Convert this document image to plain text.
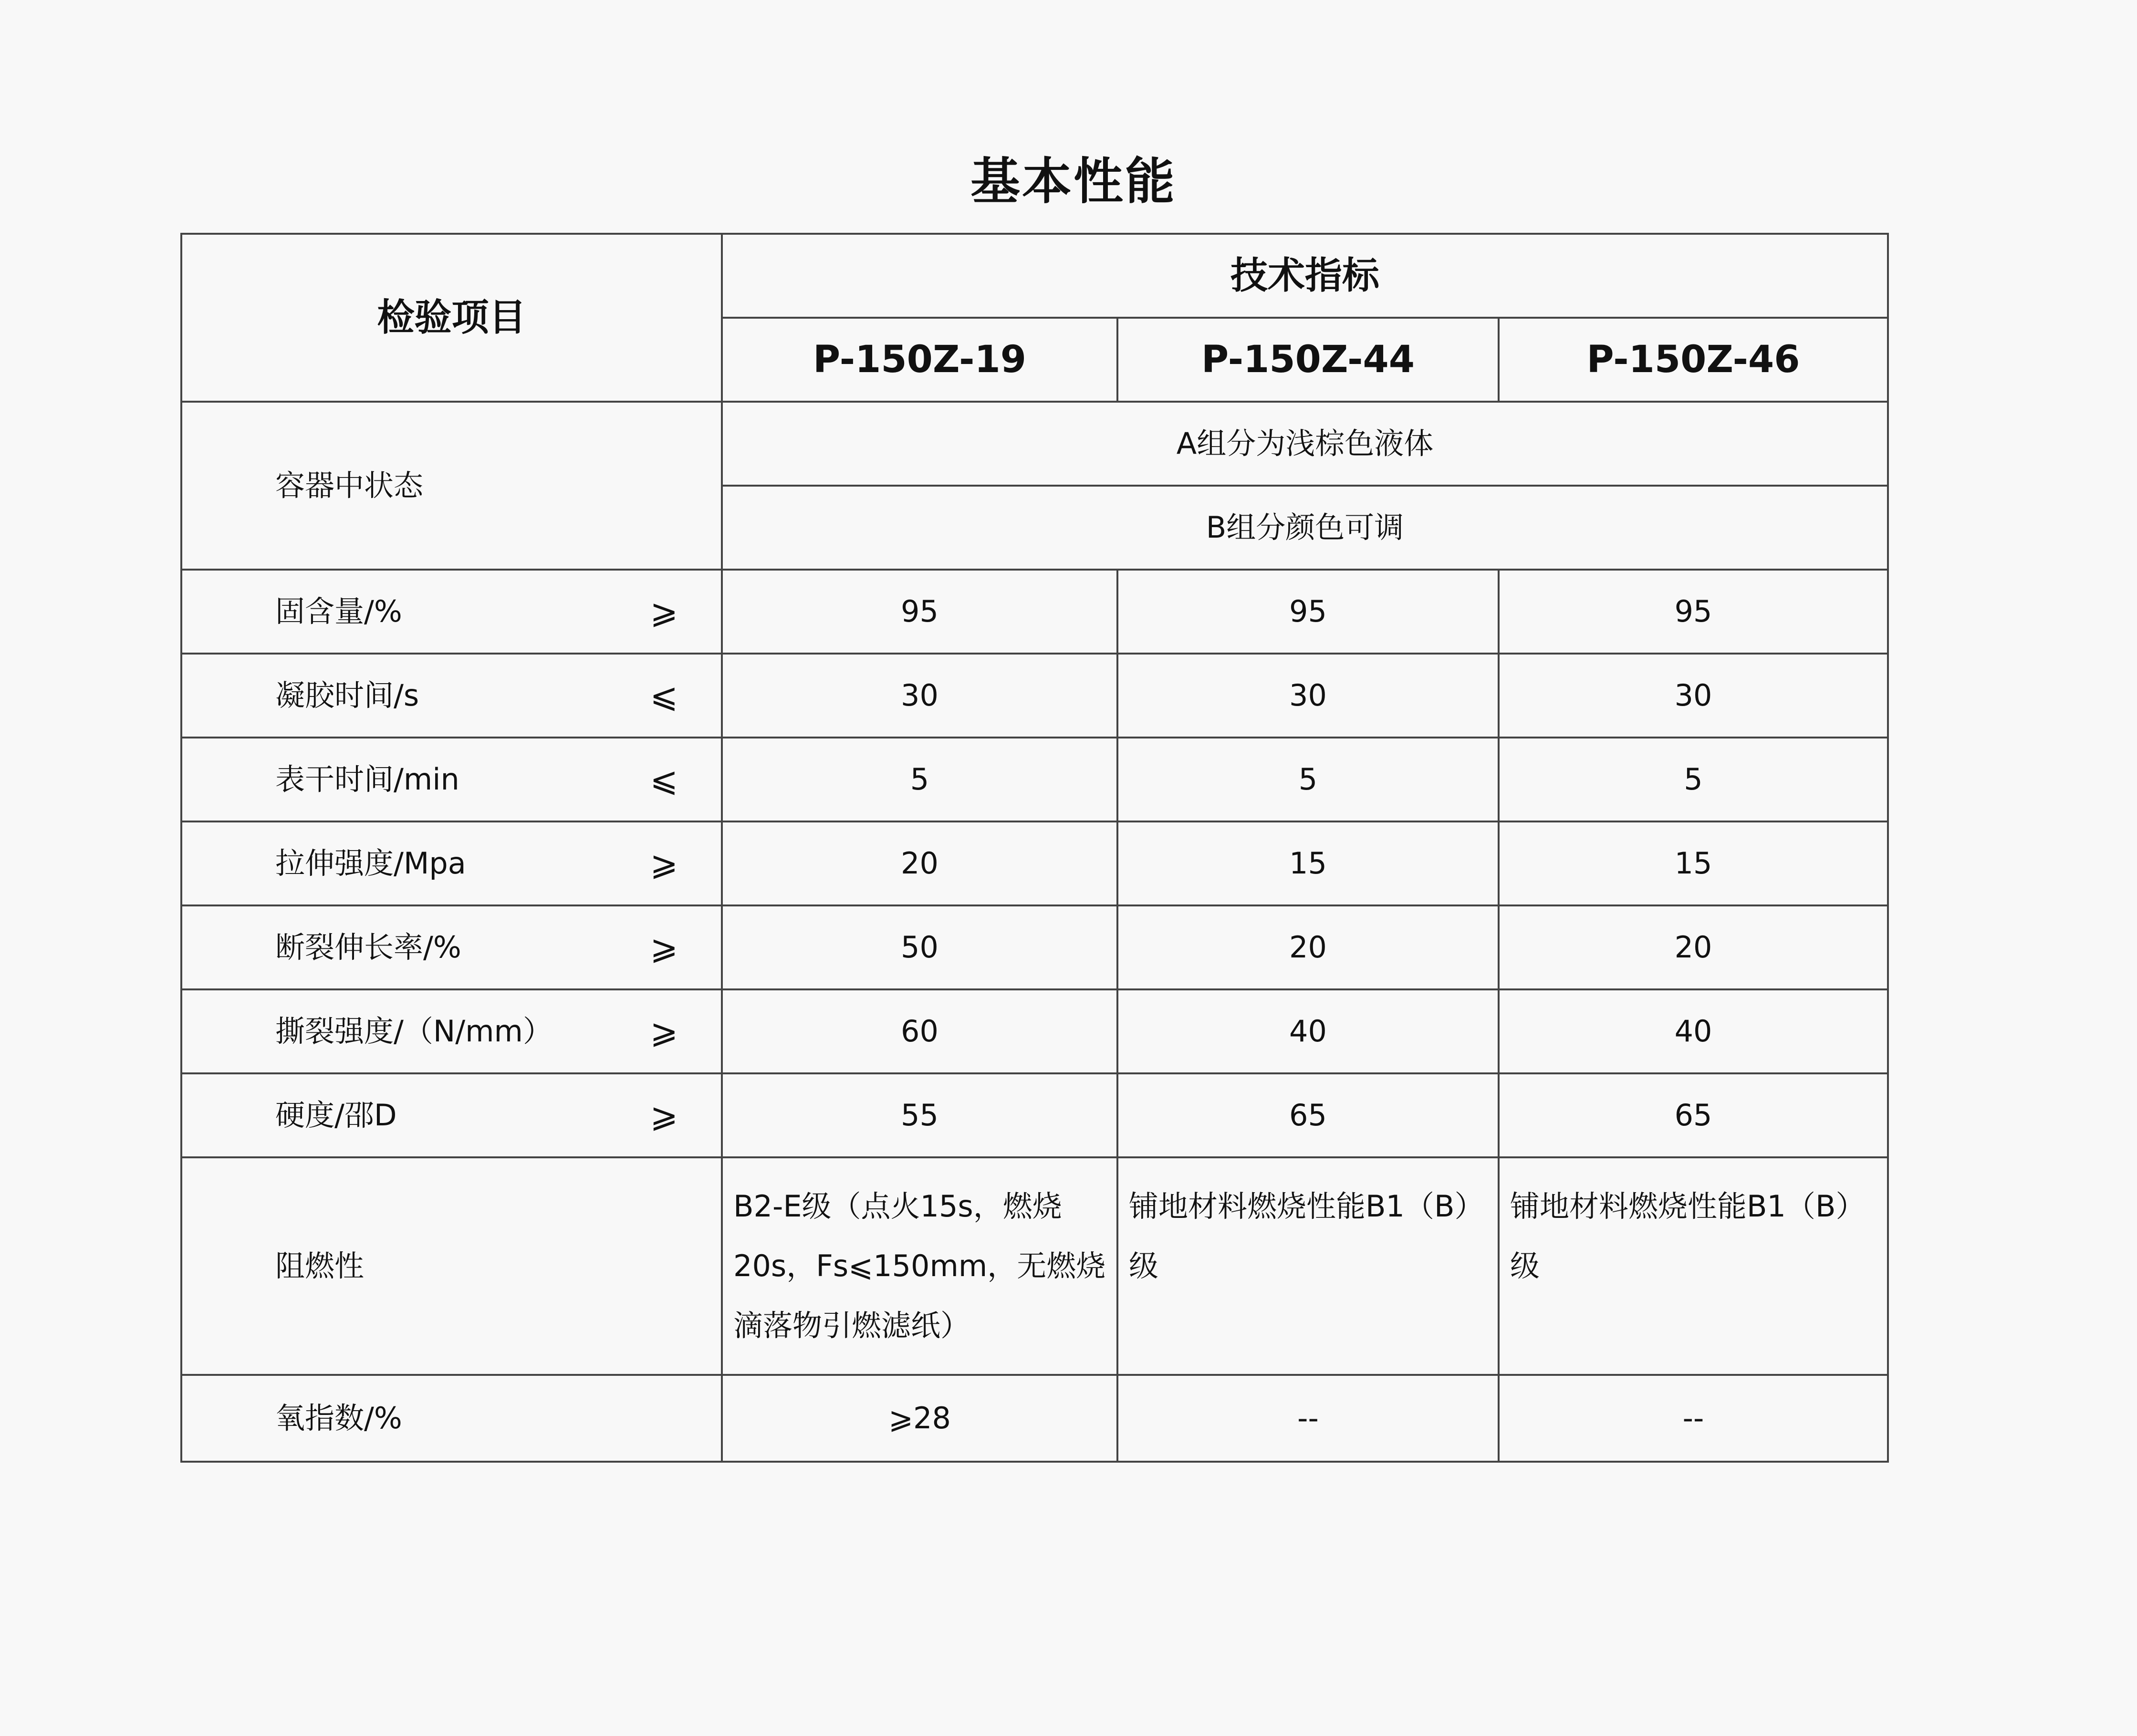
基本性能
检验项目	技术指标		
	P-150Z-19	P-150Z-44	P-150Z-46
容器中状态	A组分为浅棕色液体		
	B组分颜色可调		
固含量/% ⩾	95	95	95
凝胶时间/s ⩽	30	30	30
表干时间/min ⩽	5	5	5
拉伸强度/Mpa ⩾	20	15	15
断裂伸长率/% ⩾	50	20	20
撕裂强度/（N/mm） ⩾	60	40	40
硬度/邵D ⩾	55	65	65
阻燃性	B2-E级（点火15s，燃烧20s，Fs⩽150mm，无燃烧滴落物引燃滤纸）	铺地材料燃烧性能B1（B）级	铺地材料燃烧性能B1（B）级
氧指数/%	⩾28	--	--
